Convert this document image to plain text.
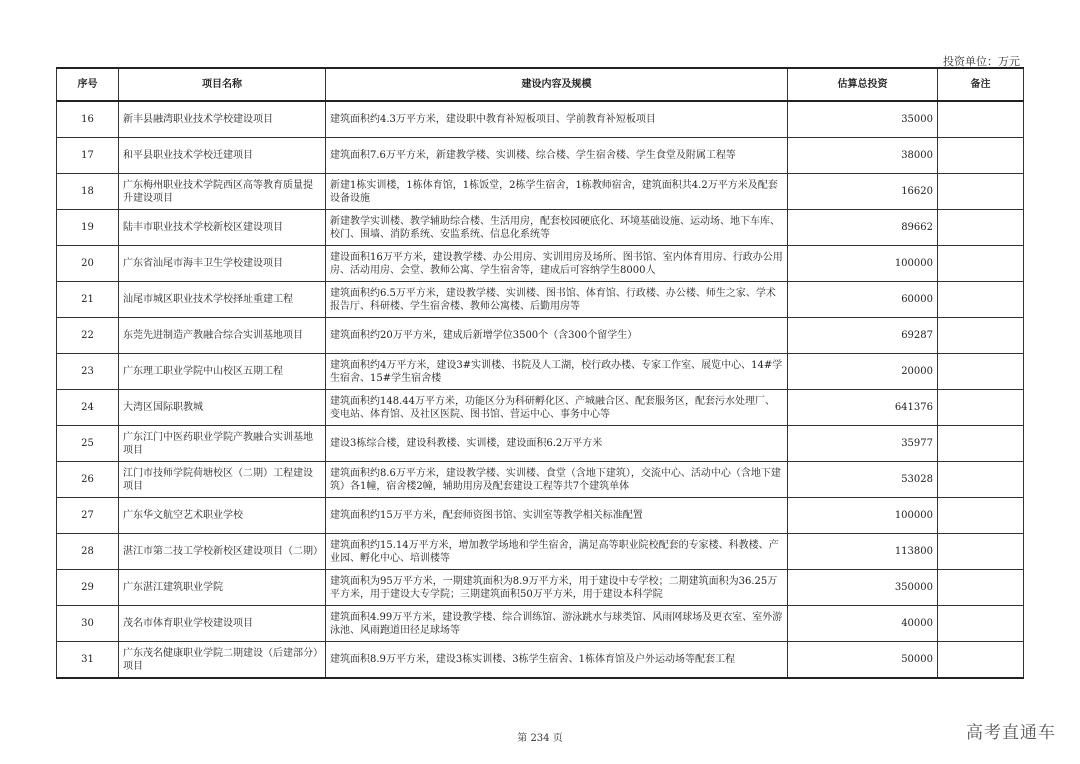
投资单位：万元
序号	项目名称	建设内容及规模	估算总投资	备注
16	新丰县融湾职业技术学校建设项目	建筑面积约4.3万平方米，建设职中教育补短板项目、学前教育补短板项目	35000	
17	和平县职业技术学校迁建项目	建筑面积7.6万平方米，新建教学楼、实训楼、综合楼、学生宿舍楼、学生食堂及附属工程等	38000	
18	广东梅州职业技术学院西区高等教育质量提升建设项目	新建1栋实训楼，1栋体育馆，1栋饭堂，2栋学生宿舍，1栋教师宿舍，建筑面积共4.2万平方米及配套设备设施	16620	
19	陆丰市职业技术学校新校区建设项目	新建教学实训楼、教学辅助综合楼、生活用房，配套校园硬底化、环境基础设施、运动场、地下车库、校门、围墙、消防系统、安监系统、信息化系统等	89662	
20	广东省汕尾市海丰卫生学校建设项目	建设面积16万平方米，建设教学楼、办公用房、实训用房及场所、图书馆、室内体育用房、行政办公用房、活动用房、会堂、教师公寓、学生宿舍等，建成后可容纳学生8000人	100000	
21	汕尾市城区职业技术学校择址重建工程	建筑面积约6.5万平方米，建设教学楼、实训楼、图书馆、体育馆、行政楼、办公楼、师生之家、学术报告厅、科研楼、学生宿舍楼、教师公寓楼、后勤用房等	60000	
22	东莞先进制造产教融合综合实训基地项目	建筑面积约20万平方米，建成后新增学位3500个（含300个留学生）	69287	
23	广东理工职业学院中山校区五期工程	建筑面积约4万平方米，建设3#实训楼、书院及人工湖，校行政办楼、专家工作室、展览中心、14#学生宿舍、15#学生宿舍楼	20000	
24	大湾区国际职教城	建筑面积约148.44万平方米，功能区分为科研孵化区、产城融合区、配套服务区，配套污水处理厂、变电站、体育馆、及社区医院、图书馆、营运中心、事务中心等	641376	
25	广东江门中医药职业学院产教融合实训基地项目	建设3栋综合楼，建设科教楼、实训楼，建设面积6.2万平方米	35977	
26	江门市技师学院荷塘校区（二期）工程建设项目	建筑面积约8.6万平方米，建设教学楼、实训楼、食堂（含地下建筑），交流中心、活动中心（含地下建筑）各1幢，宿舍楼2幢，辅助用房及配套建设工程等共7个建筑单体	53028	
27	广东华文航空艺术职业学校	建筑面积约15万平方米，配套师资图书馆、实训室等教学相关标准配置	100000	
28	湛江市第二技工学校新校区建设项目（二期）	建筑面积约15.14万平方米，增加教学场地和学生宿舍，满足高等职业院校配套的专家楼、科教楼、产业园、孵化中心、培训楼等	113800	
29	广东湛江建筑职业学院	建筑面积为95万平方米，一期建筑面积为8.9万平方米，用于建设中专学校；二期建筑面积为36.25万平方米，用于建设大专学院；三期建筑面积50万平方米，用于建设本科学院	350000	
30	茂名市体育职业学校建设项目	建筑面积4.99万平方米，建设教学楼、综合训练馆、游泳跳水与球类馆、风雨网球场及更衣室、室外游泳池、风雨跑道田径足球场等	40000	
31	广东茂名健康职业学院二期建设（后建部分）项目	建筑面积8.9万平方米，建设3栋实训楼、3栋学生宿舍、1栋体育馆及户外运动场等配套工程	50000	
第 234 页	高考直通车
